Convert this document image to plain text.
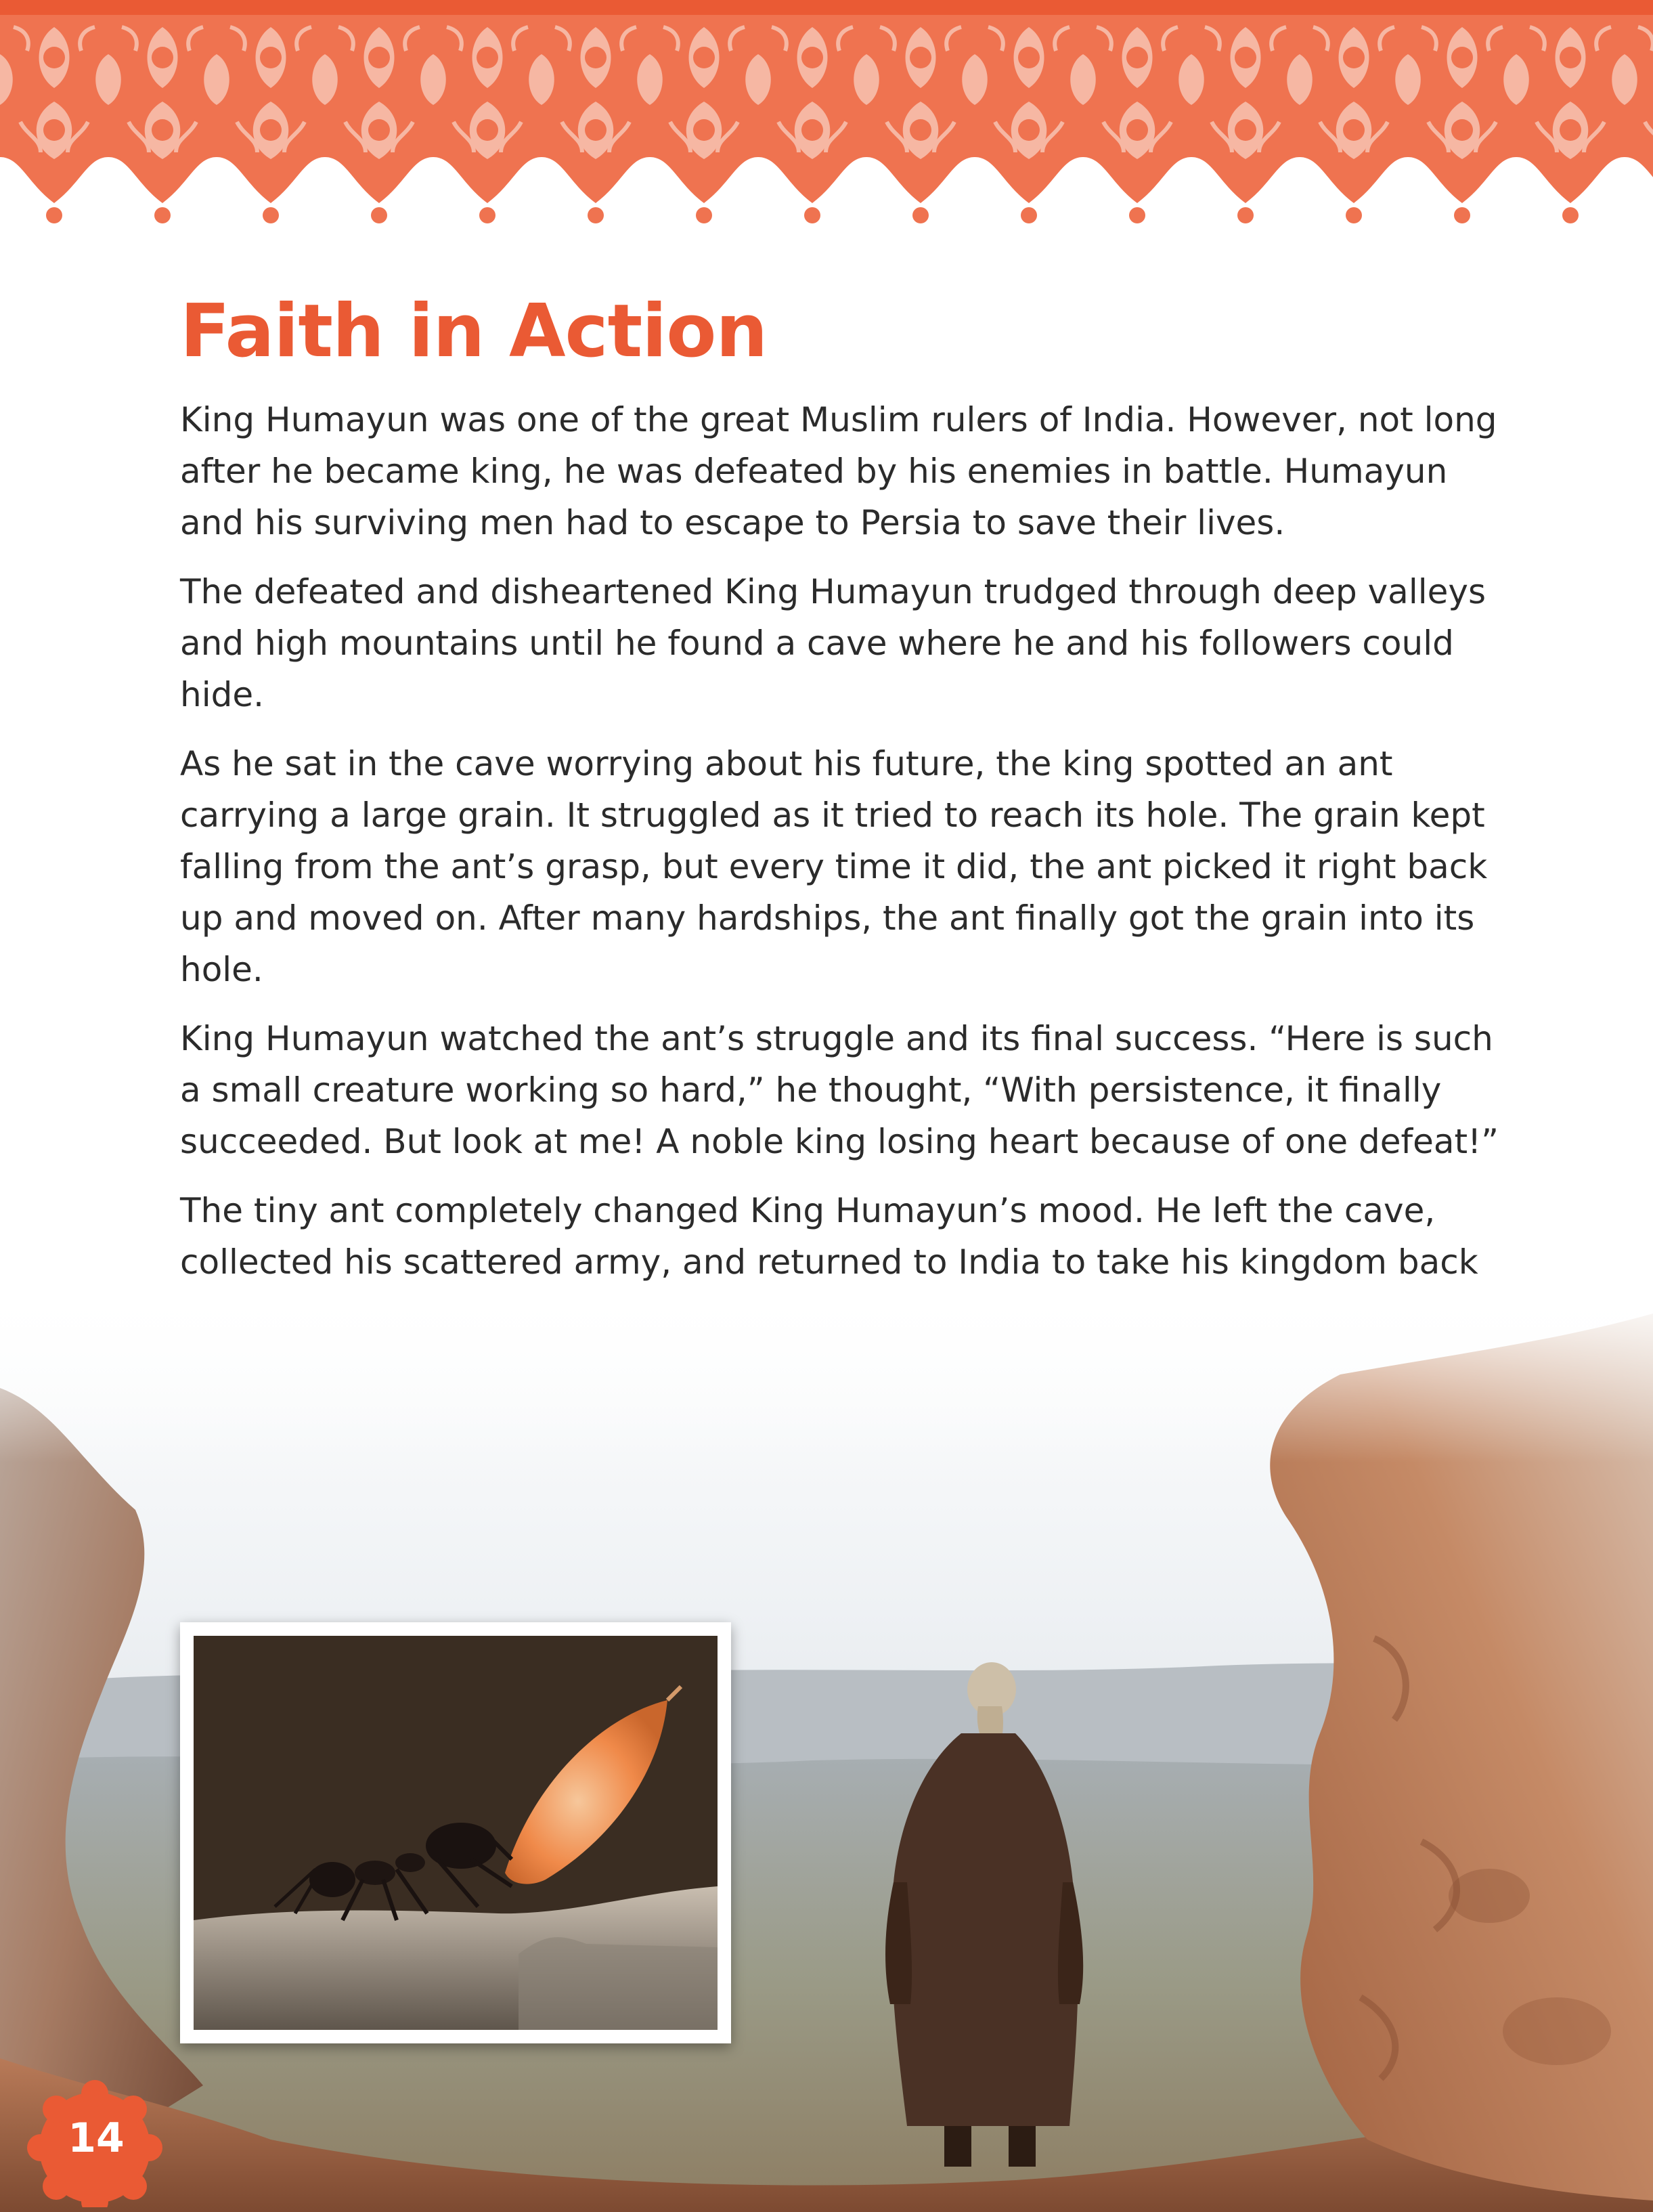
Faith in Action

King Humayun was one of the great Muslim rulers of India. However, not long after he became king, he was defeated by his enemies in battle. Humayun and his surviving men had to escape to Persia to save their lives.

The defeated and disheartened King Humayun trudged through deep valleys and high mountains until he found a cave where he and his followers could hide.

As he sat in the cave worrying about his future, the king spotted an ant carrying a large grain. It struggled as it tried to reach its hole. The grain kept falling from the ant’s grasp, but every time it did, the ant picked it right back up and moved on. After many hardships, the ant finally got the grain into its hole.

King Humayun watched the ant’s struggle and its final success. “Here is such a small creature working so hard,” he thought, “With persistence, it finally succeeded. But look at me! A noble king losing heart because of one defeat!”

The tiny ant completely changed King Humayun’s mood. He left the cave, collected his scattered army, and returned to India to take his kingdom back

14
